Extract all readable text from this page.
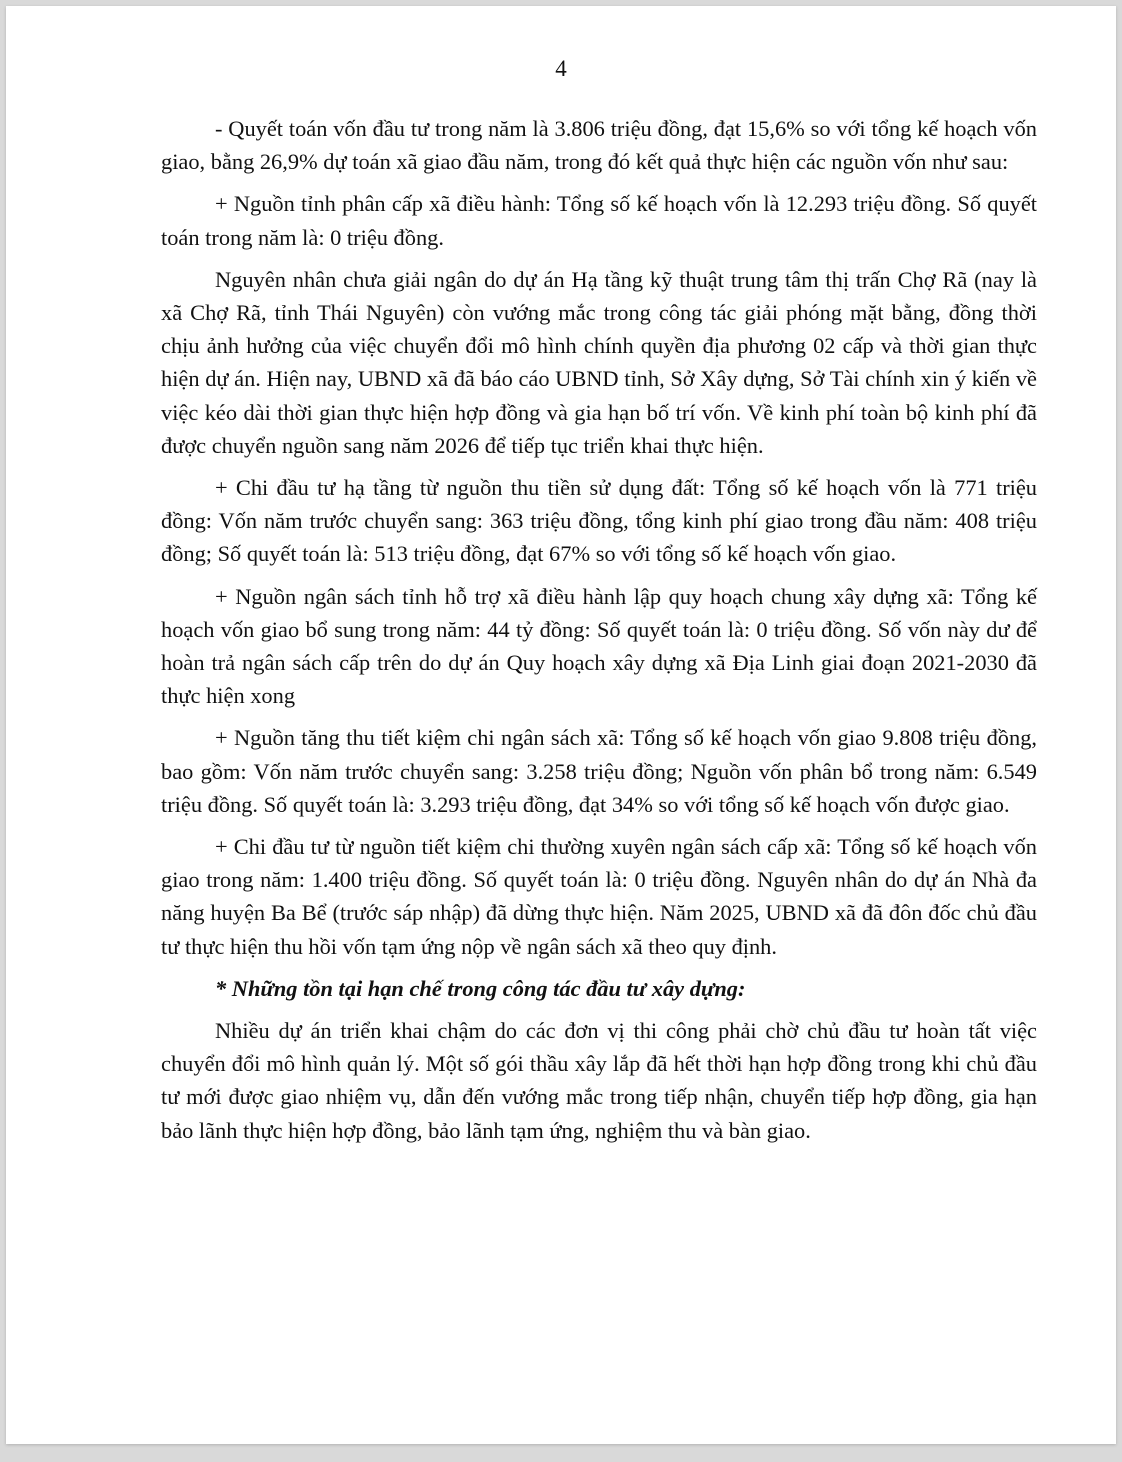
4

- Quyết toán vốn đầu tư trong năm là 3.806 triệu đồng, đạt 15,6% so với tổng kế hoạch vốn giao, bằng 26,9% dự toán xã giao đầu năm, trong đó kết quả thực hiện các nguồn vốn như sau:

+ Nguồn tỉnh phân cấp xã điều hành: Tổng số kế hoạch vốn là 12.293 triệu đồng. Số quyết toán trong năm là: 0 triệu đồng.

Nguyên nhân chưa giải ngân do dự án Hạ tầng kỹ thuật trung tâm thị trấn Chợ Rã (nay là xã Chợ Rã, tỉnh Thái Nguyên) còn vướng mắc trong công tác giải phóng mặt bằng, đồng thời chịu ảnh hưởng của việc chuyển đổi mô hình chính quyền địa phương 02 cấp và thời gian thực hiện dự án. Hiện nay, UBND xã đã báo cáo UBND tỉnh, Sở Xây dựng, Sở Tài chính xin ý kiến về việc kéo dài thời gian thực hiện hợp đồng và gia hạn bố trí vốn. Về kinh phí toàn bộ kinh phí đã được chuyển nguồn sang năm 2026 để tiếp tục triển khai thực hiện.

+ Chi đầu tư hạ tầng từ nguồn thu tiền sử dụng đất: Tổng số kế hoạch vốn là 771 triệu đồng: Vốn năm trước chuyển sang: 363 triệu đồng, tổng kinh phí giao trong đầu năm: 408 triệu đồng; Số quyết toán là: 513 triệu đồng, đạt 67% so với tổng số kế hoạch vốn giao.

+ Nguồn ngân sách tỉnh hỗ trợ xã điều hành lập quy hoạch chung xây dựng xã: Tổng kế hoạch vốn giao bổ sung trong năm: 44 tỷ đồng: Số quyết toán là: 0 triệu đồng. Số vốn này dư để hoàn trả ngân sách cấp trên do dự án Quy hoạch xây dựng xã Địa Linh giai đoạn 2021-2030 đã thực hiện xong

+ Nguồn tăng thu tiết kiệm chi ngân sách xã: Tổng số kế hoạch vốn giao 9.808 triệu đồng, bao gồm: Vốn năm trước chuyển sang: 3.258 triệu đồng; Nguồn vốn phân bổ trong năm: 6.549 triệu đồng. Số quyết toán là: 3.293 triệu đồng, đạt 34% so với tổng số kế hoạch vốn được giao.

+ Chi đầu tư từ nguồn tiết kiệm chi thường xuyên ngân sách cấp xã: Tổng số kế hoạch vốn giao trong năm: 1.400 triệu đồng. Số quyết toán là: 0 triệu đồng. Nguyên nhân do dự án Nhà đa năng huyện Ba Bể (trước sáp nhập) đã dừng thực hiện. Năm 2025, UBND xã đã đôn đốc chủ đầu tư thực hiện thu hồi vốn tạm ứng nộp về ngân sách xã theo quy định.

* Những tồn tại hạn chế trong công tác đầu tư xây dựng:

Nhiều dự án triển khai chậm do các đơn vị thi công phải chờ chủ đầu tư hoàn tất việc chuyển đổi mô hình quản lý. Một số gói thầu xây lắp đã hết thời hạn hợp đồng trong khi chủ đầu tư mới được giao nhiệm vụ, dẫn đến vướng mắc trong tiếp nhận, chuyển tiếp hợp đồng, gia hạn bảo lãnh thực hiện hợp đồng, bảo lãnh tạm ứng, nghiệm thu và bàn giao.
